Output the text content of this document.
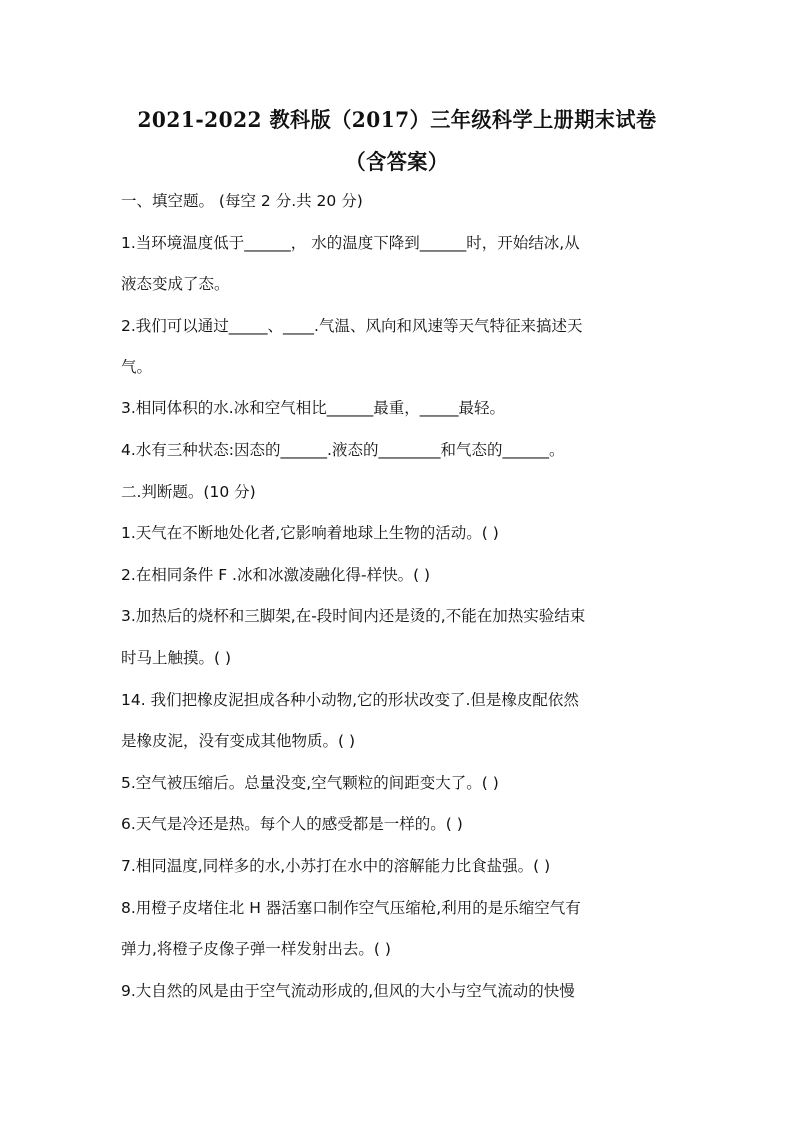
2021-2022 教科版（2017）三年级科学上册期末试卷
（含答案）
一、填空题。 (每空 2 分.共 20 分)
1.当环境温度低于______， 水的温度下降到______时，开始结冰,从
液态变成了态。
2.我们可以通过_____、____.气温、风向和风速等天气特征来搞述天
气。
3.相同体积的水.冰和空气相比______最重，_____最轻。
4.水有三种状态:因态的______.液态的________和气态的______。
二.判断题。(10 分)
1.天气在不断地处化者,它影响着地球上生物的活动。( )
2.在相同条件 F .冰和冰激凌融化得-样快。( )
3.加热后的烧杯和三脚架,在-段时间内还是烫的,不能在加热实验结束
时马上触摸。( )
14. 我们把橡皮泥担成各种小动物,它的形状改变了.但是橡皮配依然
是橡皮泥，没有变成其他物质。( )
5.空气被压缩后。总量没变,空气颗粒的间距变大了。( )
6.天气是冷还是热。每个人的感受都是一样的。( )
7.相同温度,同样多的水,小苏打在水中的溶解能力比食盐强。( )
8.用橙子皮堵住北 H 器活塞口制作空气压缩枪,利用的是乐缩空气有
弹力,将橙子皮像子弹一样发射出去。( )
9.大自然的风是由于空气流动形成的,但风的大小与空气流动的快慢
